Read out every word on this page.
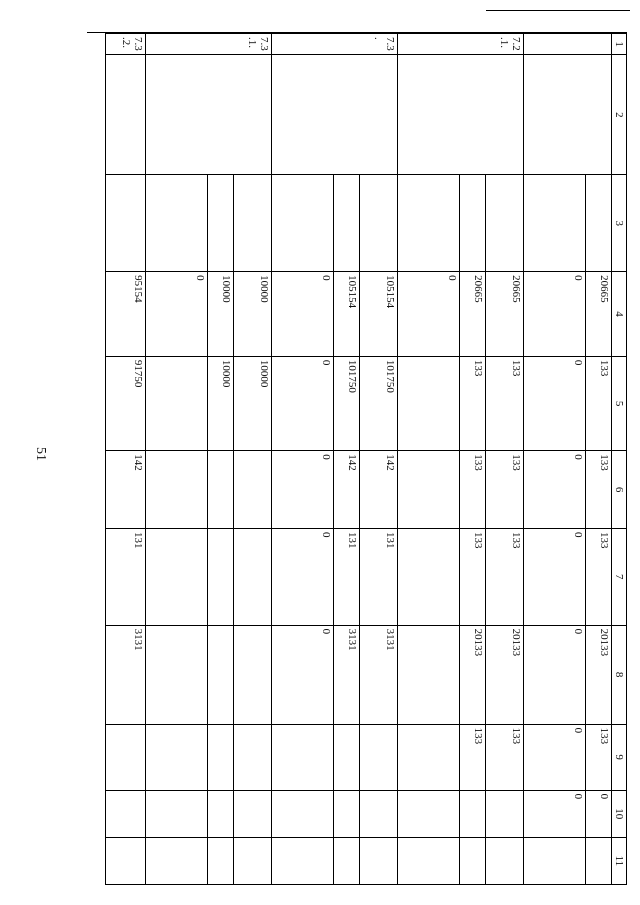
51
1	2	3	4	5	6	7	8	9	10	11
			20665	133	133	133	20133	133	0	
			0	0	0	0	0	0	0	
7.2.1.			20665	133	133	133	20133	133		
			20665	133	133	133	20133	133		
			0							
7.3.			105154	101750	142	131	3131			
			105154	101750	142	131	3131			
			0	0	0	0	0			
7.3.1.			10000	10000						
			10000	10000						
			0							
7.3.2.			95154	91750	142	131	3131			
